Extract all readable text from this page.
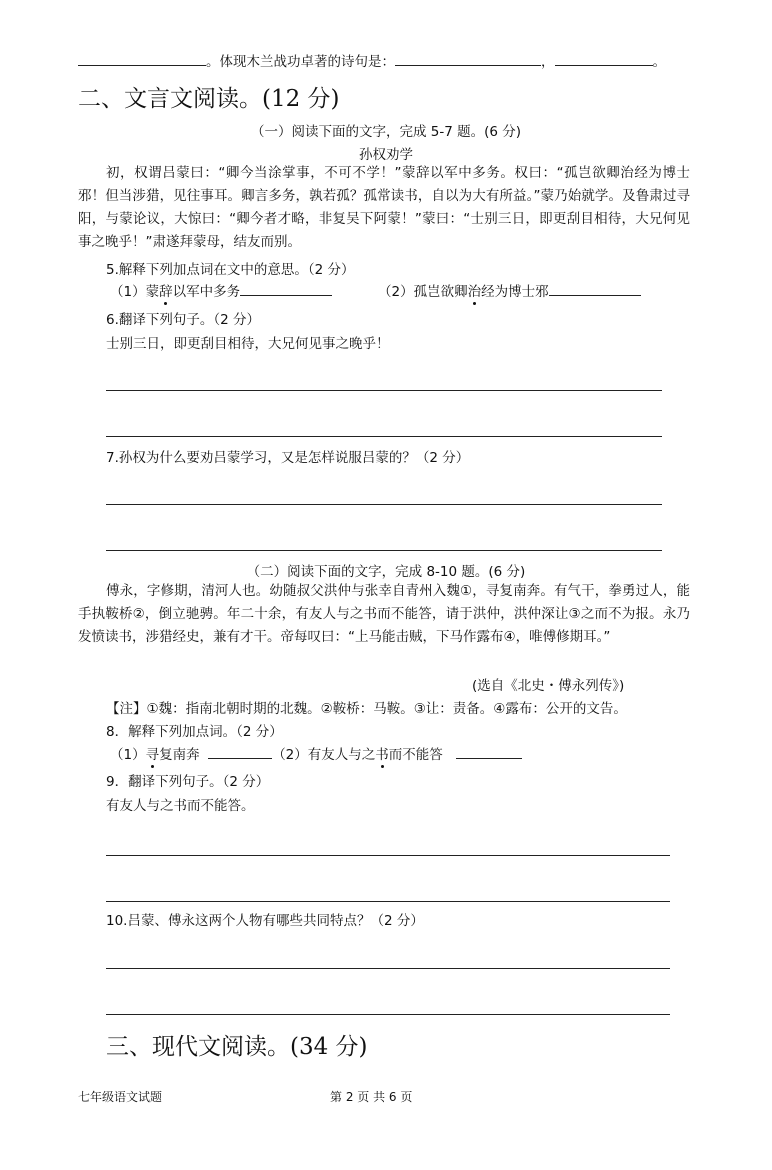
。体现木兰战功卓著的诗句是：	，	。
二、文言文阅读。(12 分)
（一）阅读下面的文字，完成 5-7 题。(6 分)
孙权劝学
初，权谓吕蒙曰：“卿今当涂掌事，不可不学！”蒙辞以军中多务。权曰：“孤岂欲卿治经为博士邪！但当涉猎，见往事耳。卿言多务，孰若孤？孤常读书，自以为大有所益。”蒙乃始就学。及鲁肃过寻阳，与蒙论议，大惊曰：“卿今者才略，非复吴下阿蒙！”蒙曰：“士别三日，即更刮目相待，大兄何见事之晚乎！”肃遂拜蒙母，结友而别。
5.解释下列加点词在文中的意思。（2 分）
（1）蒙辞以军中多务	（2）孤岂欲卿治经为博士邪
6.翻译下列句子。（2 分）
士别三日，即更刮目相待，大兄何见事之晚乎！
7.孙权为什么要劝吕蒙学习，又是怎样说服吕蒙的？（2 分）
（二）阅读下面的文字，完成 8-10 题。(6 分)
傅永，字修期，清河人也。幼随叔父洪仲与张幸自青州入魏①，寻复南奔。有气干，拳勇过人，能手执鞍桥②，倒立驰骋。年二十余，有友人与之书而不能答，请于洪仲，洪仲深让③之而不为报。永乃发愤读书，涉猎经史，兼有才干。帝每叹曰：“上马能击贼，下马作露布④，唯傅修期耳。”
(选自《北史・傅永列传》)
【注】①魏：指南北朝时期的北魏。②鞍桥：马鞍。③让：责备。④露布：公开的文告。
8．解释下列加点词。（2 分）
（1）寻复南奔	（2）有友人与之书而不能答
9．翻译下列句子。（2 分）
有友人与之书而不能答。
10.吕蒙、傅永这两个人物有哪些共同特点？（2 分）
三、现代文阅读。(34 分)
七年级语文试题	第 2 页 共 6 页
